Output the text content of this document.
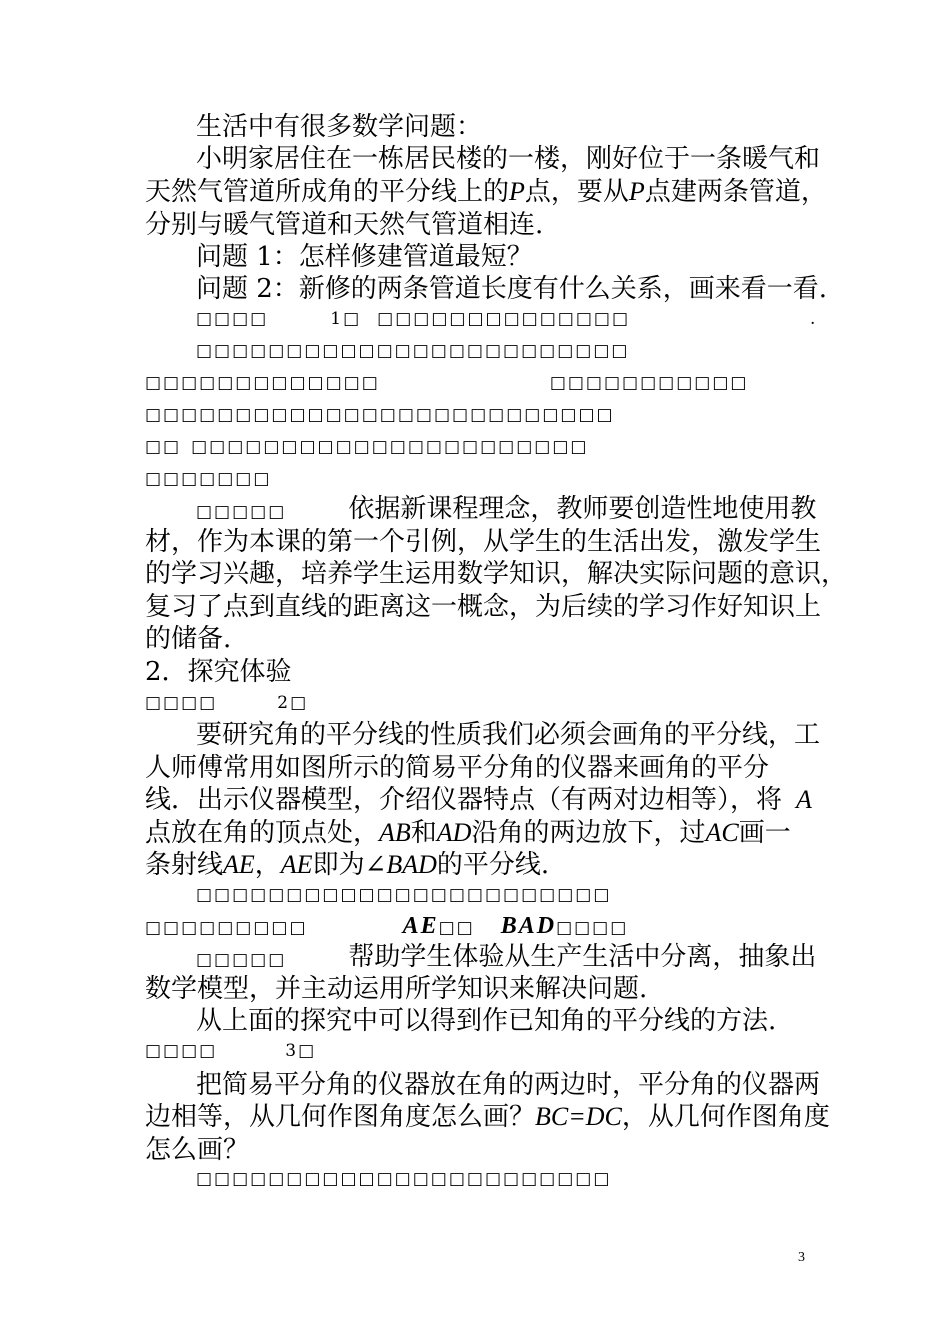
生活中有很多数学问题：
小明家居住在一栋居民楼的一楼，刚好位于一条暖气和
天然气管道所成角的平分线上的P点，要从P点建两条管道，
分别与暖气管道和天然气管道相连.
问题 1：怎样修建管道最短？
问题 2：新修的两条管道长度有什么关系，画来看一看.
□□□□	1□ □□□□□□□□□□□□□□	.
□□□□□□□□□□□□□□□□□□□□□□□□
□□□□□□□□□□□□□	□□□□□□□□□□□
□□□□□□□□□□□□□□□□□□□□□□□□□□
□□ □□□□□□□□□□□□□□□□□□□□□□
□□□□□□□
□□□□□ 依据新课程理念，教师要创造性地使用教
材，作为本课的第一个引例，从学生的生活出发，激发学生
的学习兴趣，培养学生运用数学知识，解决实际问题的意识，
复习了点到直线的距离这一概念，为后续的学习作好知识上
的储备.
2．探究体验
□□□□	2□
要研究角的平分线的性质我们必须会画角的平分线，工
人师傅常用如图所示的简易平分角的仪器来画角的平分
线．出示仪器模型，介绍仪器特点（有两对边相等），将 A
点放在角的顶点处，AB和AD沿角的两边放下，过AC画一
条射线AE，AE即为∠BAD的平分线.
□□□□□□□□□□□□□□□□□□□□□□□
□□□□□□□□□	AE□□ BAD□□□□
□□□□□ 帮助学生体验从生产生活中分离，抽象出
数学模型，并主动运用所学知识来解决问题.
从上面的探究中可以得到作已知角的平分线的方法.
□□□□	3□
把简易平分角的仪器放在角的两边时，平分角的仪器两
边相等，从几何作图角度怎么画？BC=DC，从几何作图角度
怎么画？
□□□□□□□□□□□□□□□□□□□□□□□
3
